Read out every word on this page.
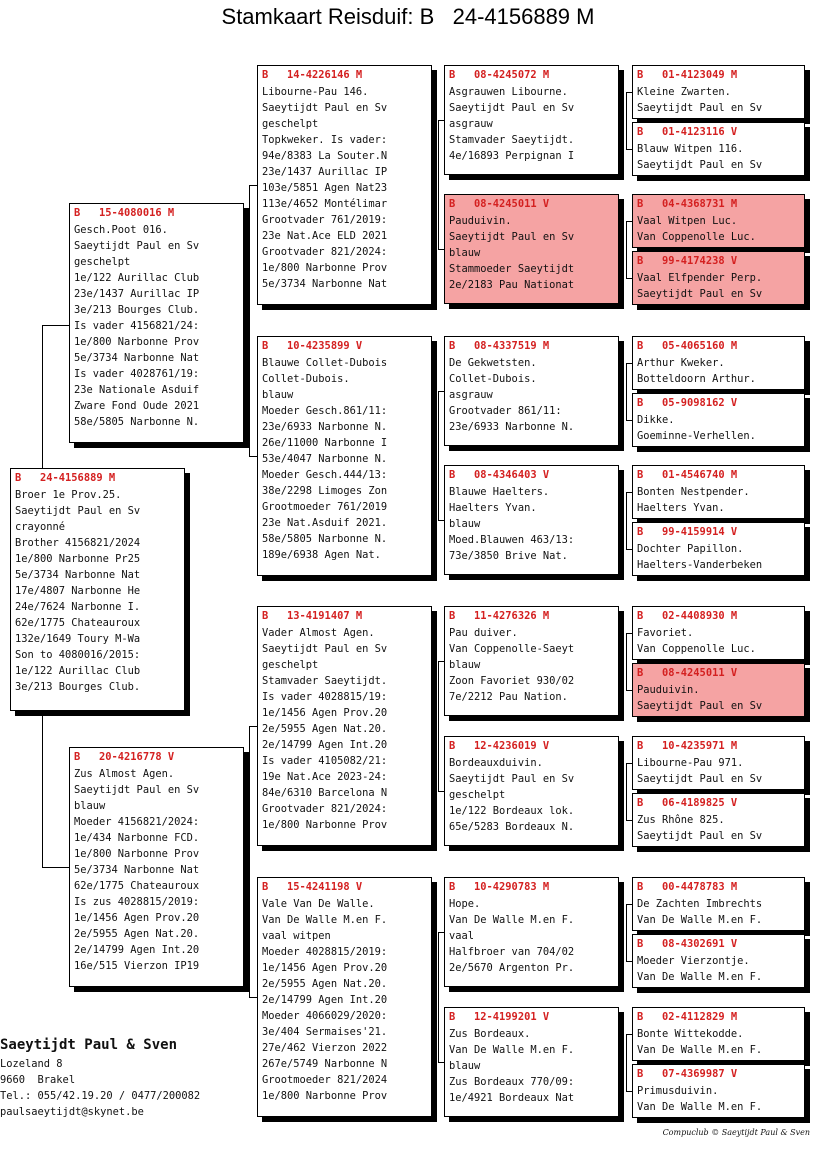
Stamkaart Reisduif: B   24-4156889 M
B   24-4156889 M
Broer 1e Prov.25.
Saeytijdt Paul en Sv
crayonné
Brother 4156821/2024
1e/800 Narbonne Pr25
5e/3734 Narbonne Nat
17e/4807 Narbonne He
24e/7624 Narbonne I.
62e/1775 Chateauroux
132e/1649 Toury M-Wa
Son to 4080016/2015:
1e/122 Aurillac Club
3e/213 Bourges Club.
B   15-4080016 M
Gesch.Poot 016.
Saeytijdt Paul en Sv
geschelpt
1e/122 Aurillac Club
23e/1437 Aurillac IP
3e/213 Bourges Club.
Is vader 4156821/24:
1e/800 Narbonne Prov
5e/3734 Narbonne Nat
Is vader 4028761/19:
23e Nationale Asduif
Zware Fond Oude 2021
58e/5805 Narbonne N.
B   20-4216778 V
Zus Almost Agen.
Saeytijdt Paul en Sv
blauw
Moeder 4156821/2024:
1e/434 Narbonne FCD.
1e/800 Narbonne Prov
5e/3734 Narbonne Nat
62e/1775 Chateauroux
Is zus 4028815/2019:
1e/1456 Agen Prov.20
2e/5955 Agen Nat.20.
2e/14799 Agen Int.20
16e/515 Vierzon IP19
B   14-4226146 M
Libourne-Pau 146.
Saeytijdt Paul en Sv
geschelpt
Topkweker. Is vader:
94e/8383 La Souter.N
23e/1437 Aurillac IP
103e/5851 Agen Nat23
113e/4652 Montélimar
Grootvader 761/2019:
23e Nat.Ace ELD 2021
Grootvader 821/2024:
1e/800 Narbonne Prov
5e/3734 Narbonne Nat
B   10-4235899 V
Blauwe Collet-Dubois
Collet-Dubois.
blauw
Moeder Gesch.861/11:
23e/6933 Narbonne N.
26e/11000 Narbonne I
53e/4047 Narbonne N.
Moeder Gesch.444/13:
38e/2298 Limoges Zon
Grootmoeder 761/2019
23e Nat.Asduif 2021.
58e/5805 Narbonne N.
189e/6938 Agen Nat.
B   13-4191407 M
Vader Almost Agen.
Saeytijdt Paul en Sv
geschelpt
Stamvader Saeytijdt.
Is vader 4028815/19:
1e/1456 Agen Prov.20
2e/5955 Agen Nat.20.
2e/14799 Agen Int.20
Is vader 4105082/21:
19e Nat.Ace 2023-24:
84e/6310 Barcelona N
Grootvader 821/2024:
1e/800 Narbonne Prov
B   15-4241198 V
Vale Van De Walle.
Van De Walle M.en F.
vaal witpen
Moeder 4028815/2019:
1e/1456 Agen Prov.20
2e/5955 Agen Nat.20.
2e/14799 Agen Int.20
Moeder 4066029/2020:
3e/404 Sermaises'21.
27e/462 Vierzon 2022
267e/5749 Narbonne N
Grootmoeder 821/2024
1e/800 Narbonne Prov
B   08-4245072 M
Asgrauwen Libourne.
Saeytijdt Paul en Sv
asgrauw
Stamvader Saeytijdt.
4e/16893 Perpignan I
B   08-4245011 V
Pauduivin.
Saeytijdt Paul en Sv
blauw
Stammoeder Saeytijdt
2e/2183 Pau Nationat
B   08-4337519 M
De Gekwetsten.
Collet-Dubois.
asgrauw
Grootvader 861/11:
23e/6933 Narbonne N.
B   08-4346403 V
Blauwe Haelters.
Haelters Yvan.
blauw
Moed.Blauwen 463/13:
73e/3850 Brive Nat.
B   11-4276326 M
Pau duiver.
Van Coppenolle-Saeyt
blauw
Zoon Favoriet 930/02
7e/2212 Pau Nation.
B   12-4236019 V
Bordeauxduivin.
Saeytijdt Paul en Sv
geschelpt
1e/122 Bordeaux lok.
65e/5283 Bordeaux N.
B   10-4290783 M
Hope.
Van De Walle M.en F.
vaal
Halfbroer van 704/02
2e/5670 Argenton Pr.
B   12-4199201 V
Zus Bordeaux.
Van De Walle M.en F.
blauw
Zus Bordeaux 770/09:
1e/4921 Bordeaux Nat
B   01-4123049 M
Kleine Zwarten.
Saeytijdt Paul en Sv
B   01-4123116 V
Blauw Witpen 116.
Saeytijdt Paul en Sv
B   04-4368731 M
Vaal Witpen Luc.
Van Coppenolle Luc.
B   99-4174238 V
Vaal Elfpender Perp.
Saeytijdt Paul en Sv
B   05-4065160 M
Arthur Kweker.
Botteldoorn Arthur.
B   05-9098162 V
Dikke.
Goeminne-Verhellen.
B   01-4546740 M
Bonten Nestpender.
Haelters Yvan.
B   99-4159914 V
Dochter Papillon.
Haelters-Vanderbeken
B   02-4408930 M
Favoriet.
Van Coppenolle Luc.
B   08-4245011 V
Pauduivin.
Saeytijdt Paul en Sv
B   10-4235971 M
Libourne-Pau 971.
Saeytijdt Paul en Sv
B   06-4189825 V
Zus Rhône 825.
Saeytijdt Paul en Sv
B   00-4478783 M
De Zachten Imbrechts
Van De Walle M.en F.
B   08-4302691 V
Moeder Vierzontje.
Van De Walle M.en F.
B   02-4112829 M
Bonte Wittekodde.
Van De Walle M.en F.
B   07-4369987 V
Primusduivin.
Van De Walle M.en F.
Saeytijdt Paul & Sven
Lozeland 8
9660  Brakel
Tel.: 055/42.19.20 / 0477/200082
paulsaeytijdt@skynet.be
Compuclub © Saeytijdt Paul & Sven
